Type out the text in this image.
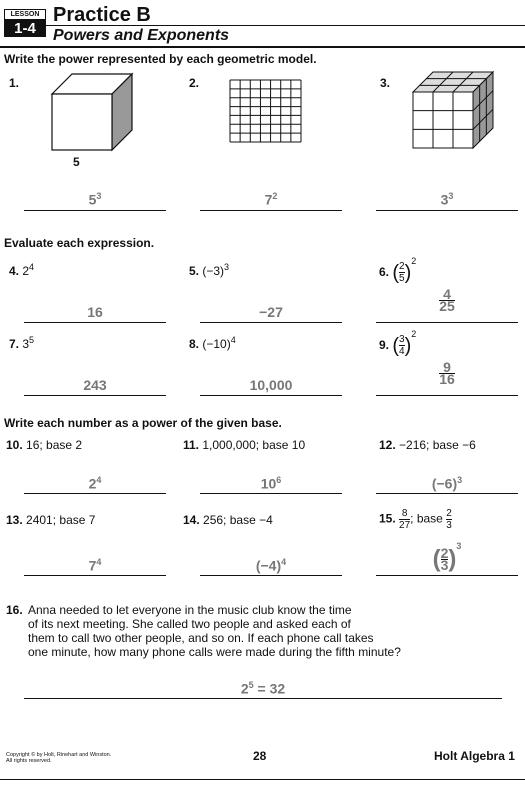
LESSON
1-4
Practice B
Powers and Exponents
Write the power represented by each geometric model.
1.
5
2.	3.
$5^3$	$7^2$	$3^3$
Evaluate each expression.
4. $2^4$	5. $(-3)^3$	6. ( $\frac{2}{5} )^2$
16	−27	$\frac{4}{25}$
7. $3^5$	8. $(-10)^4$	9. ( $\frac{3}{4} )^2$
243	10,000	$\frac{9}{16}$
Write each number as a power of the given base.
10. 16; base 2	11. 1,000,000; base 10	12. −216; base −6
$2^4$	$10^6$	$(-6)^3$
13. 2401; base 7	14. 256; base −4	15. $\frac{8}{27}$ ; base $\frac{2}{3}$
$7^4$	$(-4)^4$	( $\frac{2}{3} )^3$
16. Anna needed to let everyone in the music club know the time
of its next meeting. She called two people and asked each of
them to call two other people, and so on. If each phone call takes
one minute, how many phone calls were made during the fifth minute?
$2^5 = 32$
Copyright © by Holt, Rinehart and Winston.
All rights reserved.	28	Holt Algebra 1
